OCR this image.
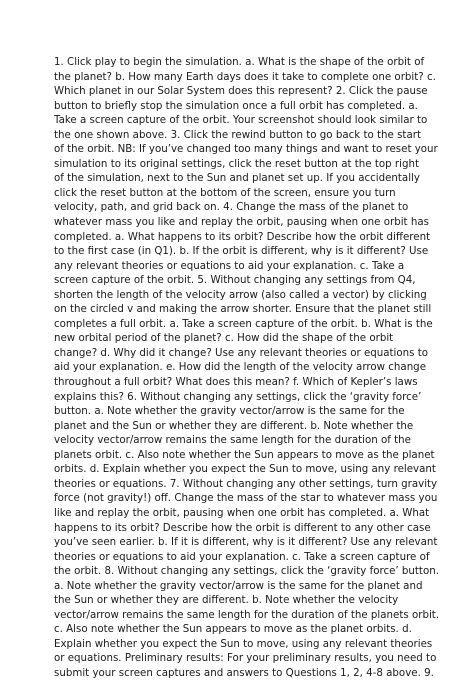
1. Click play to begin the simulation. a. What is the shape of the orbit of
the planet? b. How many Earth days does it take to complete one orbit? c.
Which planet in our Solar System does this represent? 2. Click the pause
button to briefly stop the simulation once a full orbit has completed. a.
Take a screen capture of the orbit. Your screenshot should look similar to
the one shown above. 3. Click the rewind button to go back to the start
of the orbit. NB: If you’ve changed too many things and want to reset your
simulation to its original settings, click the reset button at the top right
of the simulation, next to the Sun and planet set up. If you accidentally
click the reset button at the bottom of the screen, ensure you turn
velocity, path, and grid back on. 4. Change the mass of the planet to
whatever mass you like and replay the orbit, pausing when one orbit has
completed. a. What happens to its orbit? Describe how the orbit different
to the first case (in Q1). b. If the orbit is different, why is it different? Use
any relevant theories or equations to aid your explanation. c. Take a
screen capture of the orbit. 5. Without changing any settings from Q4,
shorten the length of the velocity arrow (also called a vector) by clicking
on the circled v and making the arrow shorter. Ensure that the planet still
completes a full orbit. a. Take a screen capture of the orbit. b. What is the
new orbital period of the planet? c. How did the shape of the orbit
change? d. Why did it change? Use any relevant theories or equations to
aid your explanation. e. How did the length of the velocity arrow change
throughout a full orbit? What does this mean? f. Which of Kepler’s laws
explains this? 6. Without changing any settings, click the ‘gravity force’
button. a. Note whether the gravity vector/arrow is the same for the
planet and the Sun or whether they are different. b. Note whether the
velocity vector/arrow remains the same length for the duration of the
planets orbit. c. Also note whether the Sun appears to move as the planet
orbits. d. Explain whether you expect the Sun to move, using any relevant
theories or equations. 7. Without changing any other settings, turn gravity
force (not gravity!) off. Change the mass of the star to whatever mass you
like and replay the orbit, pausing when one orbit has completed. a. What
happens to its orbit? Describe how the orbit is different to any other case
you’ve seen earlier. b. If it is different, why is it different? Use any relevant
theories or equations to aid your explanation. c. Take a screen capture of
the orbit. 8. Without changing any settings, click the ‘gravity force’ button.
a. Note whether the gravity vector/arrow is the same for the planet and
the Sun or whether they are different. b. Note whether the velocity
vector/arrow remains the same length for the duration of the planets orbit.
c. Also note whether the Sun appears to move as the planet orbits. d.
Explain whether you expect the Sun to move, using any relevant theories
or equations. Preliminary results: For your preliminary results, you need to
submit your screen captures and answers to Questions 1, 2, 4-8 above. 9.
